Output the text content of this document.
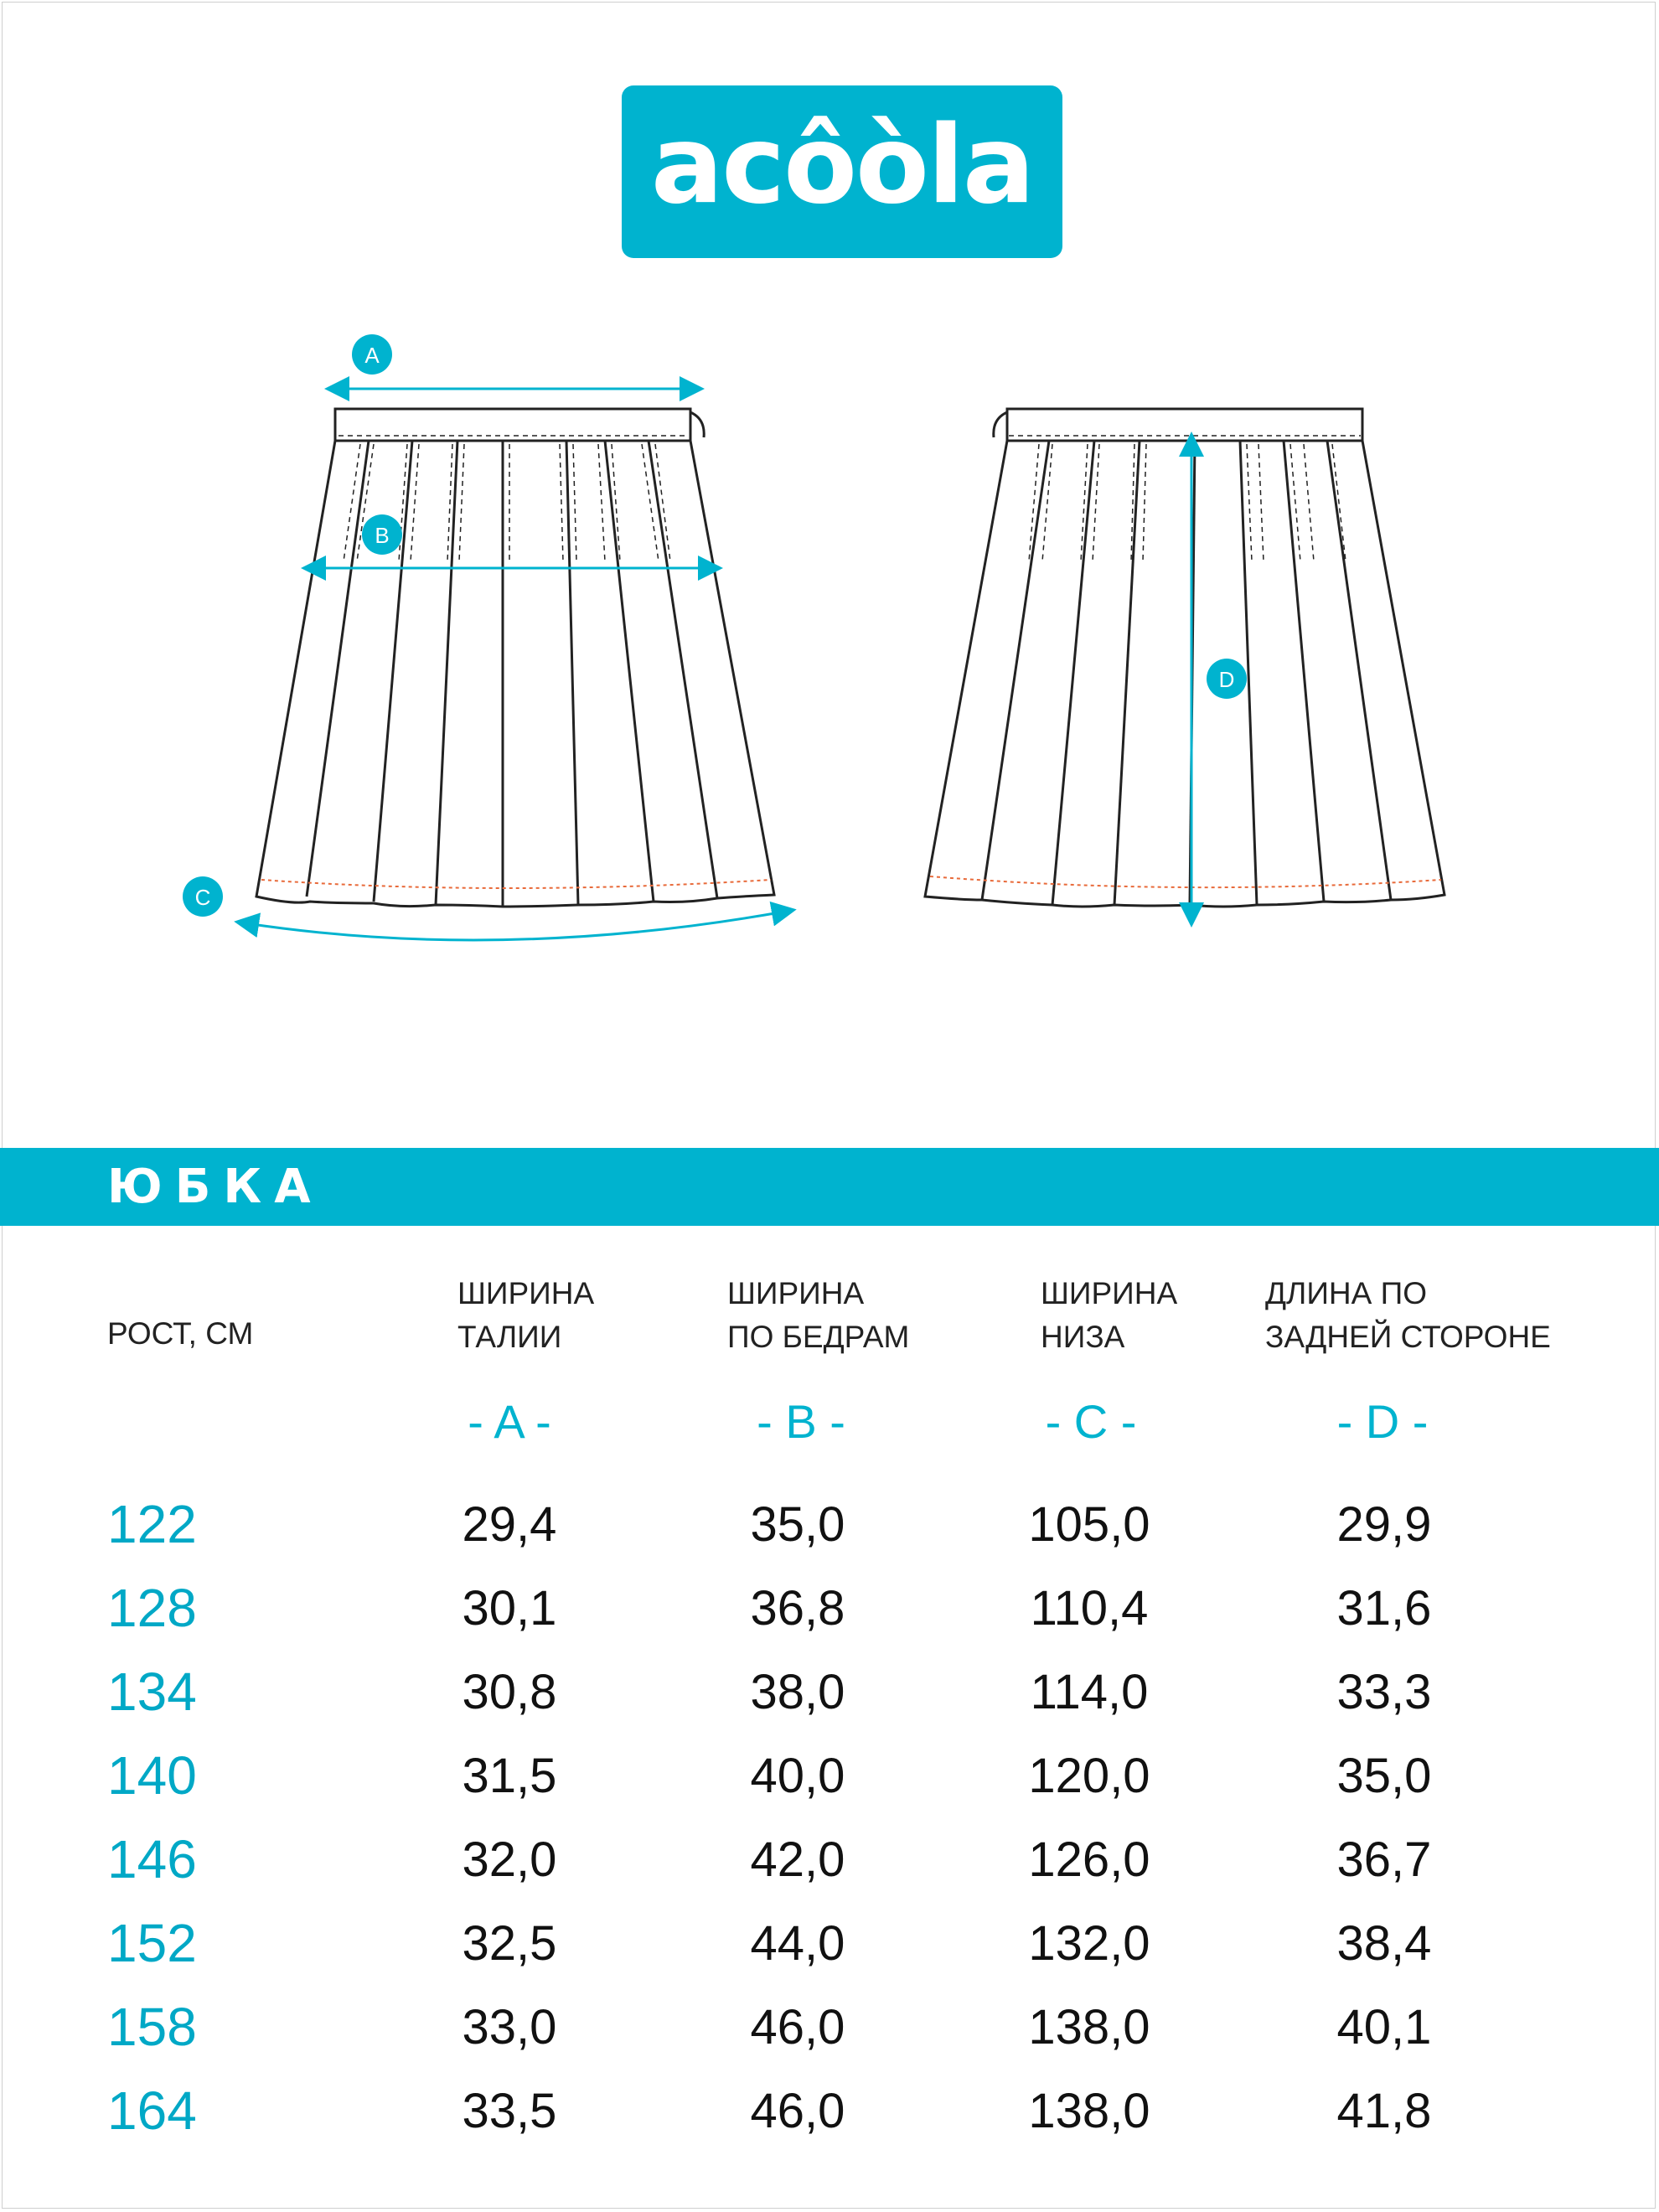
acôòla
A
B
C
D
ЮБКА
РОСТ, СМ
ШИРИНА
ТАЛИИ
ШИРИНА
ПО БЕДРАМ
ШИРИНА
НИЗА
ДЛИНА ПО
ЗАДНЕЙ СТОРОНЕ
- A -	- B -	- C -	- D -
122	29,4	35,0	105,0	29,9
128	30,1	36,8	110,4	31,6
134	30,8	38,0	114,0	33,3
140	31,5	40,0	120,0	35,0
146	32,0	42,0	126,0	36,7
152	32,5	44,0	132,0	38,4
158	33,0	46,0	138,0	40,1
164	33,5	46,0	138,0	41,8
